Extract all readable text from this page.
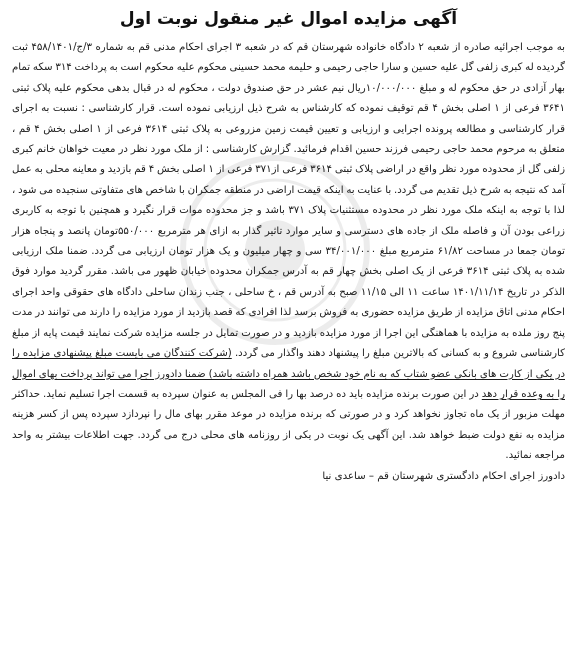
آگهی مزایده اموال غیر منقول نوبت اول

به موجب اجرائیه صادره از شعبه ۲ دادگاه خانواده شهرستان قم که در شعبه ۳ اجرای احکام مدنی قم به شماره ۳/ج/۴۵۸/۱۴۰۱ ثبت گردیده له کبری زلفی گل علیه حسین و سارا حاجی رحیمی و حلیمه محمد حسینی محکوم علیه محکوم است به پرداخت ۳۱۴ سکه تمام بهار آزادی در حق محکوم له و مبلغ ۱۰/۰۰۰/۰۰۰ریال نیم عشر در حق صندوق دولت ، محکوم له در قبال بدهی محکوم علیه پلاک ثبتی ۳۶۴۱ فرعی از ۱ اصلی بخش ۴ قم توقیف نموده که کارشناس به شرح ذیل ارزیابی نموده است. قرار کارشناسی : نسبت به اجرای قرار کارشناسی و مطالعه پرونده اجرایی و ارزیابی و تعیین قیمت زمین مزروعی به پلاک ثبتی ۳۶۱۴ فرعی از ۱ اصلی بخش ۴ قم ، متعلق به مرحوم محمد حاجی رحیمی فرزند حسین اقدام فرمائید. گزارش کارشناسی : از ملک مورد نظر در معیت خواهان خانم کبری زلفی گل از محدوده مورد نظر واقع در اراضی پلاک ثبتی ۳۶۱۴ فرعی از۳۷۱ فرعی از ۱ اصلی بخش ۴ قم بازدید و معاینه محلی به عمل آمد که نتیجه به شرح ذیل تقدیم می گردد. با عنایت به اینکه قیمت اراضی در منطقه جمکران با شاخص های متفاوتی سنجیده می شود ، لذا با توجه به اینکه ملک مورد نظر در محدوده مستثنیات پلاک ۳۷۱ باشد و جز محدوده موات قرار نگیرد و همچنین با توجه به کاربری زراعی بودن آن و فاصله ملک از جاده های دسترسی و سایر موارد تاثیر گذار به ازای هر مترمربع ۵۵۰/۰۰۰تومان پانصد و پنجاه هزار تومان جمعا در مساحت ۶۱/۸۲ مترمربع مبلغ ۳۴/۰۰۱/۰۰۰ سی و چهار میلیون و یک هزار تومان ارزیابی می گردد. ضمنا ملک ارزیابی شده به پلاک ثبتی ۳۶۱۴ فرعی از یک اصلی بخش چهار قم به آدرس جمکران محدوده خیابان ظهور می باشد. مقرر گردید موارد فوق الذکر در تاریخ ۱۴۰۱/۱۱/۱۴ ساعت ۱۱ الی ۱۱/۱۵ صبح به آدرس قم ، خ ساحلی ، جنب زندان ساحلی دادگاه های حقوقی واحد اجرای احکام مدنی اتاق مزایده از طریق مزایده حضوری به فروش برسد لذا افرادی که قصد بازدید از مورد مزایده را دارند می توانند در مدت پنج روز ملده به مزایده با هماهنگی این اجرا از مورد مزایده بازدید و در صورت تمایل در جلسه مزایده شرکت نمایند قیمت پایه از مبلغ کارشناسی شروع و به کسانی که بالاترین مبلغ را پیشنهاد دهند واگذار می گردد. (شرکت کنندگان می بایست مبلغ پیشنهادی مزایده را در یکی از کارت های بانکی عضو شتاب که به نام خود شخص باشد همراه داشته باشد) ضمنا دادورز اجرا می تواند پرداخت بهای اموال را به وعده قرار دهد در این صورت برنده مزایده باید ده درصد بها را فی المجلس به عنوان سپرده به قسمت اجرا تسلیم نماید. حداکثر مهلت مزبور از یک ماه تجاوز نخواهد کرد و در صورتی که برنده مزایده در موعد مقرر بهای مال را نپردازد سپرده پس از کسر هزینه مزایده به نفع دولت ضبط خواهد شد. این آگهی یک نوبت در یکی از روزنامه های محلی درج می گردد. جهت اطلاعات بیشتر به واحد مراجعه نمائید.

دادورز اجرای احکام دادگستری شهرستان قم – ساعدی نیا
